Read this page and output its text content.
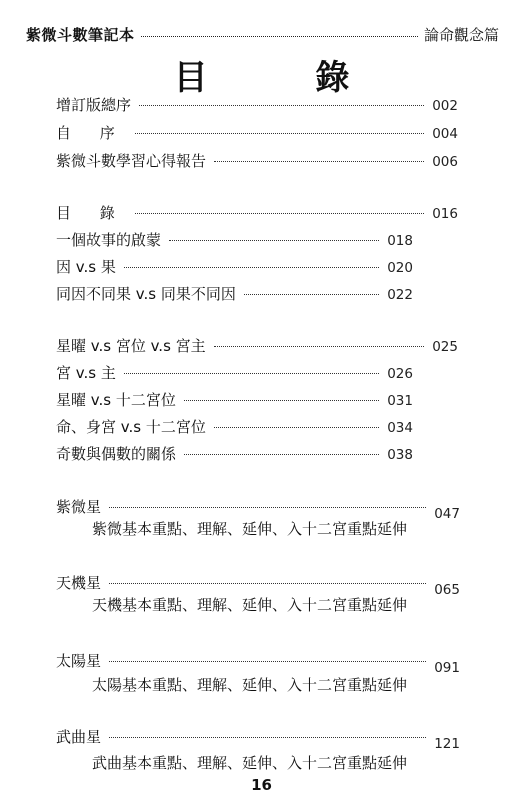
紫微斗數筆記本	論命觀念篇
目 錄
增訂版總序	002
自 序	004
紫微斗數學習心得報告	006
目 錄	016
一個故事的啟蒙	018
因 v.s 果	020
同因不同果 v.s 同果不同因	022
星曜 v.s 宮位 v.s 宮主	025
宮 v.s 主	026
星曜 v.s 十二宮位	031
命、身宮 v.s 十二宮位	034
奇數與偶數的關係	038
紫微星	047
天機星	065
太陽星	091
武曲星	121
紫微基本重點、理解、延伸、入十二宮重點延伸
天機基本重點、理解、延伸、入十二宮重點延伸
太陽基本重點、理解、延伸、入十二宮重點延伸
武曲基本重點、理解、延伸、入十二宮重點延伸
16
